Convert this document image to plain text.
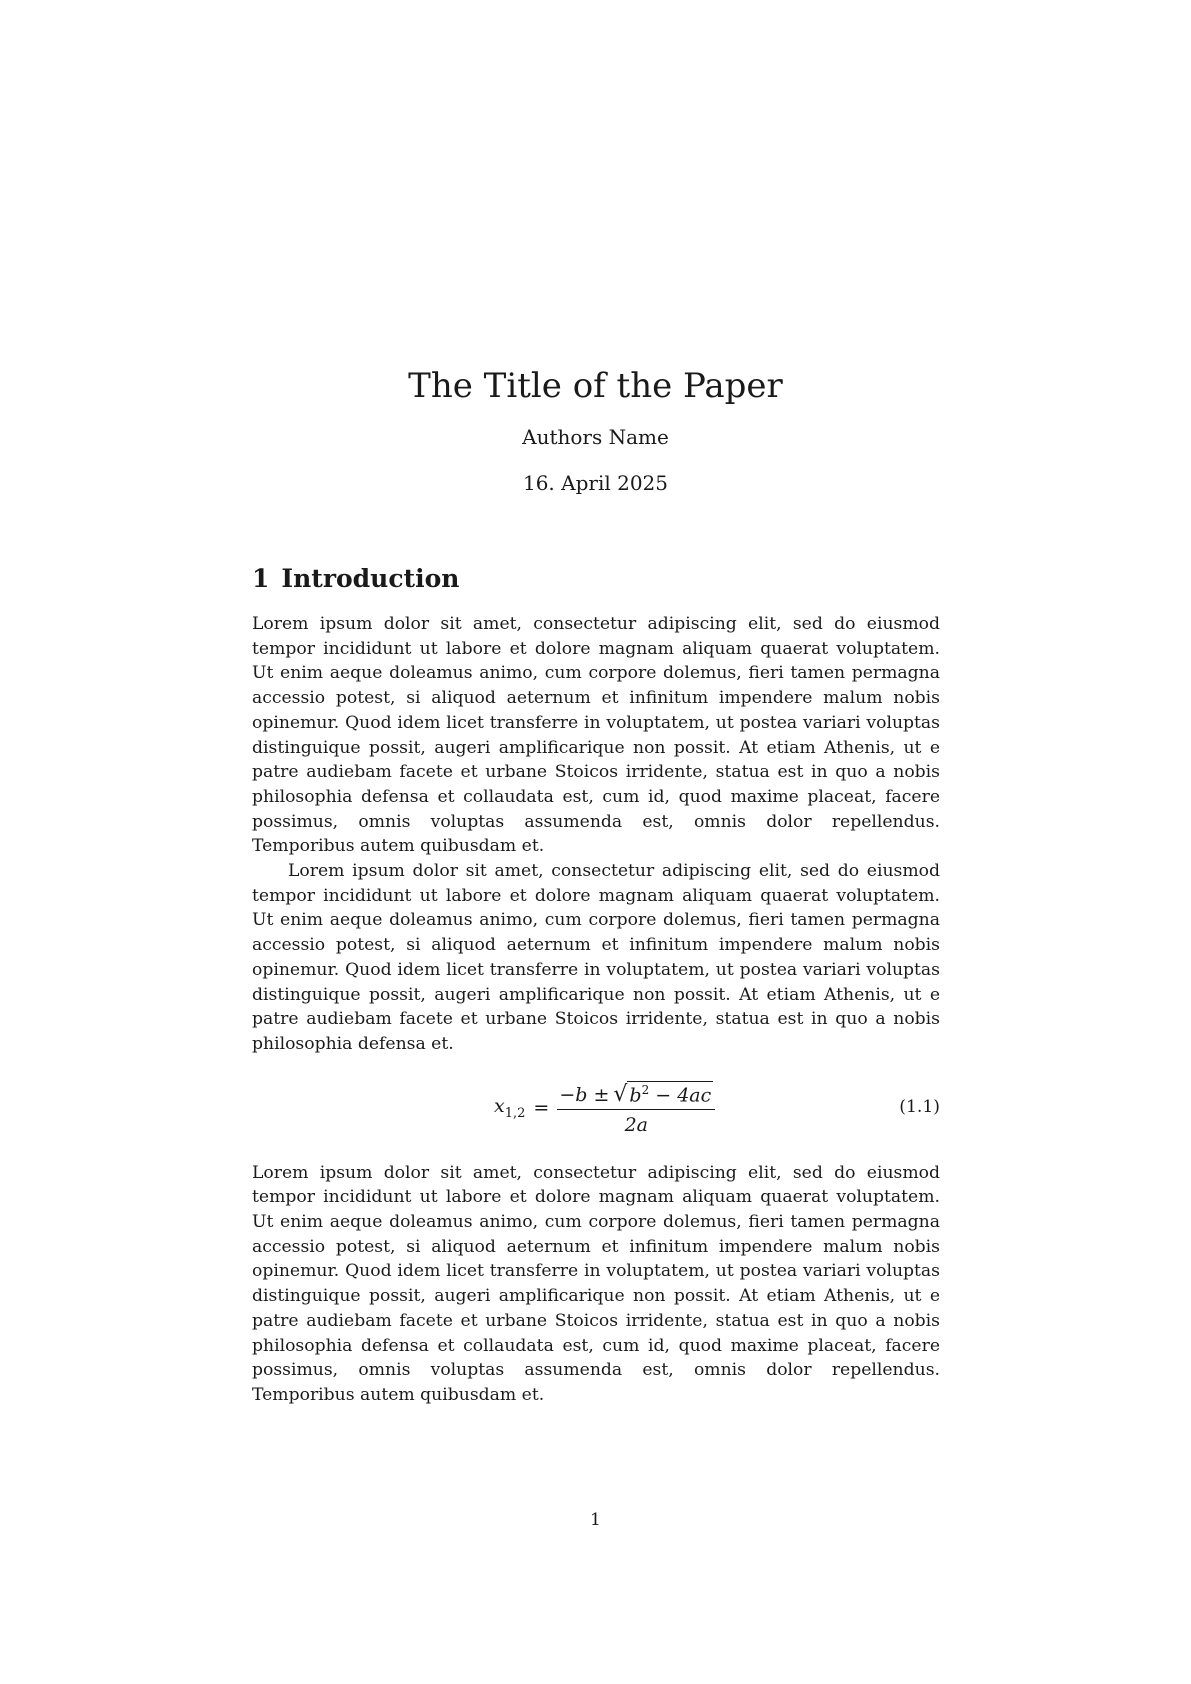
The Title of the Paper
Authors Name
16. April 2025
1 Introduction

Lorem ipsum dolor sit amet, consectetur adipiscing elit, sed do eiusmod tempor incididunt ut labore et dolore magnam aliquam quaerat voluptatem. Ut enim aeque doleamus animo, cum corpore dolemus, fieri tamen permagna accessio potest, si aliquod aeternum et infinitum impendere malum nobis opinemur. Quod idem licet transferre in voluptatem, ut postea variari voluptas distinguique possit, augeri amplificarique non possit. At etiam Athenis, ut e patre audiebam facete et urbane Stoicos irridente, statua est in quo a nobis philosophia defensa et collaudata est, cum id, quod maxime placeat, facere possimus, omnis voluptas assumenda est, omnis dolor repellendus. Temporibus autem quibusdam et.

Lorem ipsum dolor sit amet, consectetur adipiscing elit, sed do eiusmod tempor incididunt ut labore et dolore magnam aliquam quaerat voluptatem. Ut enim aeque doleamus animo, cum corpore dolemus, fieri tamen permagna accessio potest, si aliquod aeternum et infinitum impendere malum nobis opinemur. Quod idem licet transferre in voluptatem, ut postea variari voluptas distinguique possit, augeri amplificarique non possit. At etiam Athenis, ut e patre audiebam facete et urbane Stoicos irridente, statua est in quo a nobis philosophia defensa et.

$x_{1,2} = \frac{-b \pm √ b^2 - 4ac}{2a}$	(1.1)

Lorem ipsum dolor sit amet, consectetur adipiscing elit, sed do eiusmod tempor incididunt ut labore et dolore magnam aliquam quaerat voluptatem. Ut enim aeque doleamus animo, cum corpore dolemus, fieri tamen permagna accessio potest, si aliquod aeternum et infinitum impendere malum nobis opinemur. Quod idem licet transferre in voluptatem, ut postea variari voluptas distinguique possit, augeri amplificarique non possit. At etiam Athenis, ut e patre audiebam facete et urbane Stoicos irridente, statua est in quo a nobis philosophia defensa et collaudata est, cum id, quod maxime placeat, facere possimus, omnis voluptas assumenda est, omnis dolor repellendus. Temporibus autem quibusdam et.

1
